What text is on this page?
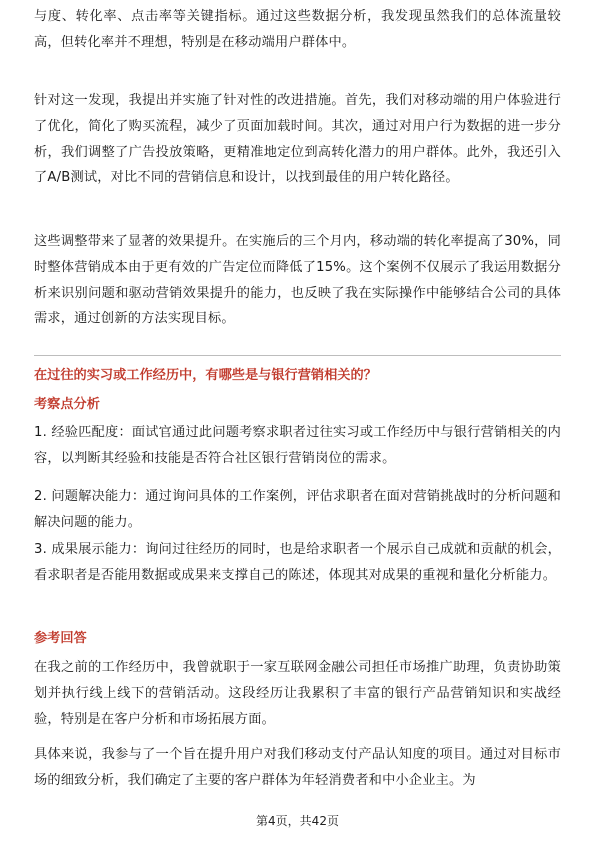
与度、转化率、点击率等关键指标。通过这些数据分析，我发现虽然我们的总体流量较高，但转化率并不理想，特别是在移动端用户群体中。

针对这一发现，我提出并实施了针对性的改进措施。首先，我们对移动端的用户体验进行了优化，简化了购买流程，减少了页面加载时间。其次，通过对用户行为数据的进一步分析，我们调整了广告投放策略，更精准地定位到高转化潜力的用户群体。此外，我还引入了A/B测试，对比不同的营销信息和设计，以找到最佳的用户转化路径。

这些调整带来了显著的效果提升。在实施后的三个月内，移动端的转化率提高了30%，同时整体营销成本由于更有效的广告定位而降低了15%。这个案例不仅展示了我运用数据分析来识别问题和驱动营销效果提升的能力，也反映了我在实际操作中能够结合公司的具体需求，通过创新的方法实现目标。

在过往的实习或工作经历中，有哪些是与银行营销相关的？
考察点分析

1. 经验匹配度：面试官通过此问题考察求职者过往实习或工作经历中与银行营销相关的内容，以判断其经验和技能是否符合社区银行营销岗位的需求。

2. 问题解决能力：通过询问具体的工作案例，评估求职者在面对营销挑战时的分析问题和解决问题的能力。

3. 成果展示能力：询问过往经历的同时，也是给求职者一个展示自己成就和贡献的机会，看求职者是否能用数据或成果来支撑自己的陈述，体现其对成果的重视和量化分析能力。

参考回答

在我之前的工作经历中，我曾就职于一家互联网金融公司担任市场推广助理，负责协助策划并执行线上线下的营销活动。这段经历让我累积了丰富的银行产品营销知识和实战经验，特别是在客户分析和市场拓展方面。

具体来说，我参与了一个旨在提升用户对我们移动支付产品认知度的项目。通过对目标市场的细致分析，我们确定了主要的客户群体为年轻消费者和中小企业主。为

第4页，共42页
